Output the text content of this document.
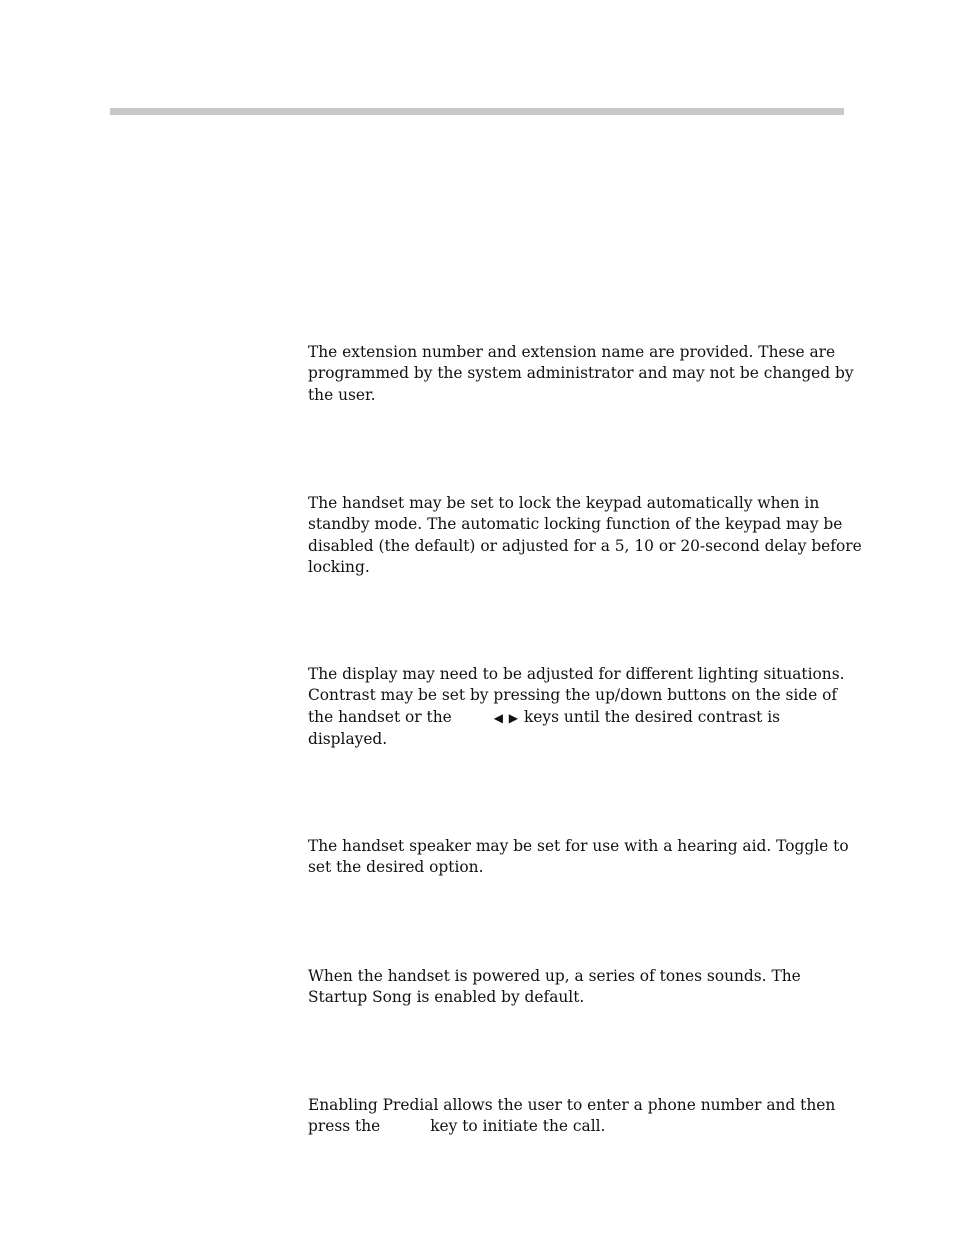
The extension number and extension name are provided. These are
programmed by the system administrator and may not be changed by
the user.

The handset may be set to lock the keypad automatically when in
standby mode. The automatic locking function of the keypad may be
disabled (the default) or adjusted for a 5, 10 or 20-second delay before
locking.

The display may need to be adjusted for different lighting situations.
Contrast may be set by pressing the up/down buttons on the side of
the handset or the	◀ ▶ keys until the desired contrast is
displayed.

The handset speaker may be set for use with a hearing aid. Toggle to
set the desired option.

When the handset is powered up, a series of tones sounds. The
Startup Song is enabled by default.

Enabling Predial allows the user to enter a phone number and then
press the	key to initiate the call.
